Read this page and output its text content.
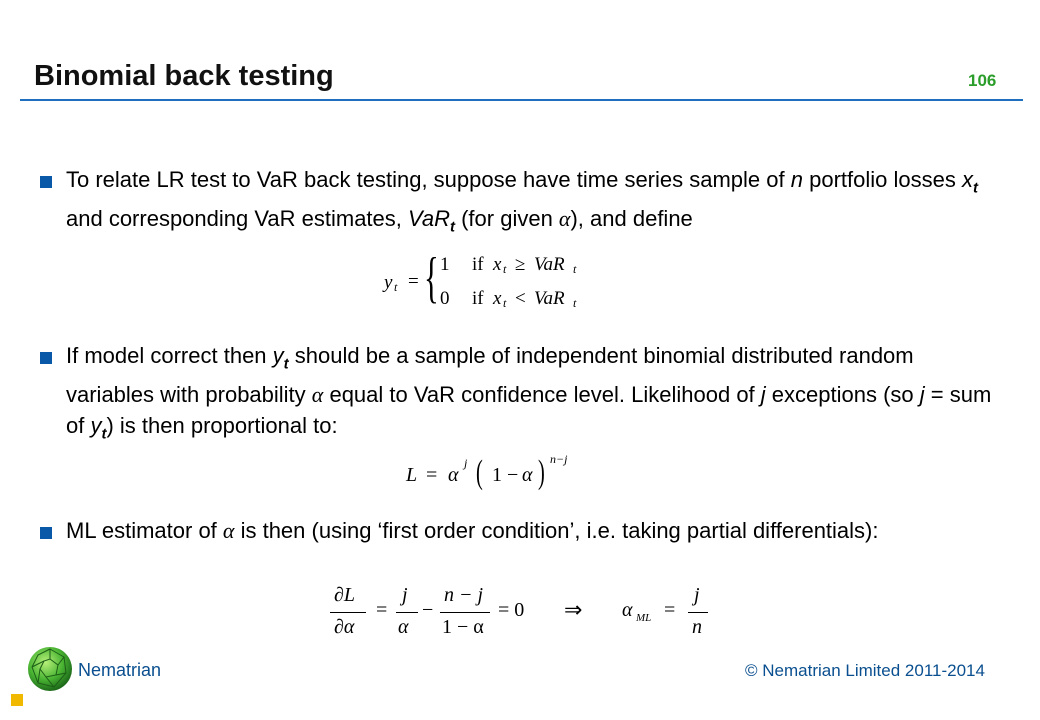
Binomial back testing	106
To relate LR test to VaR back testing, suppose have time series sample of n portfolio losses $x_t$ and corresponding VaR estimates, VaR$_t$ (for given α), and define
y t = { 1 if x t ≥ VaR t
0 if x t < VaR t
If model correct then $y_t$ should be a sample of independent binomial distributed random variables with probability α equal to VaR confidence level. Likelihood of j exceptions (so j = sum of $y_t$) is then proportional to:
L = α
j ( 1 − α ) n−j
ML estimator of α is then (using ‘first order condition’, i.e. taking partial differentials):
∂L
∂α
=
j
α
−
n − j
1 − α
= 0 ⇒ α ML =
j
n
Nematrian	© Nematrian Limited 2011-2014
